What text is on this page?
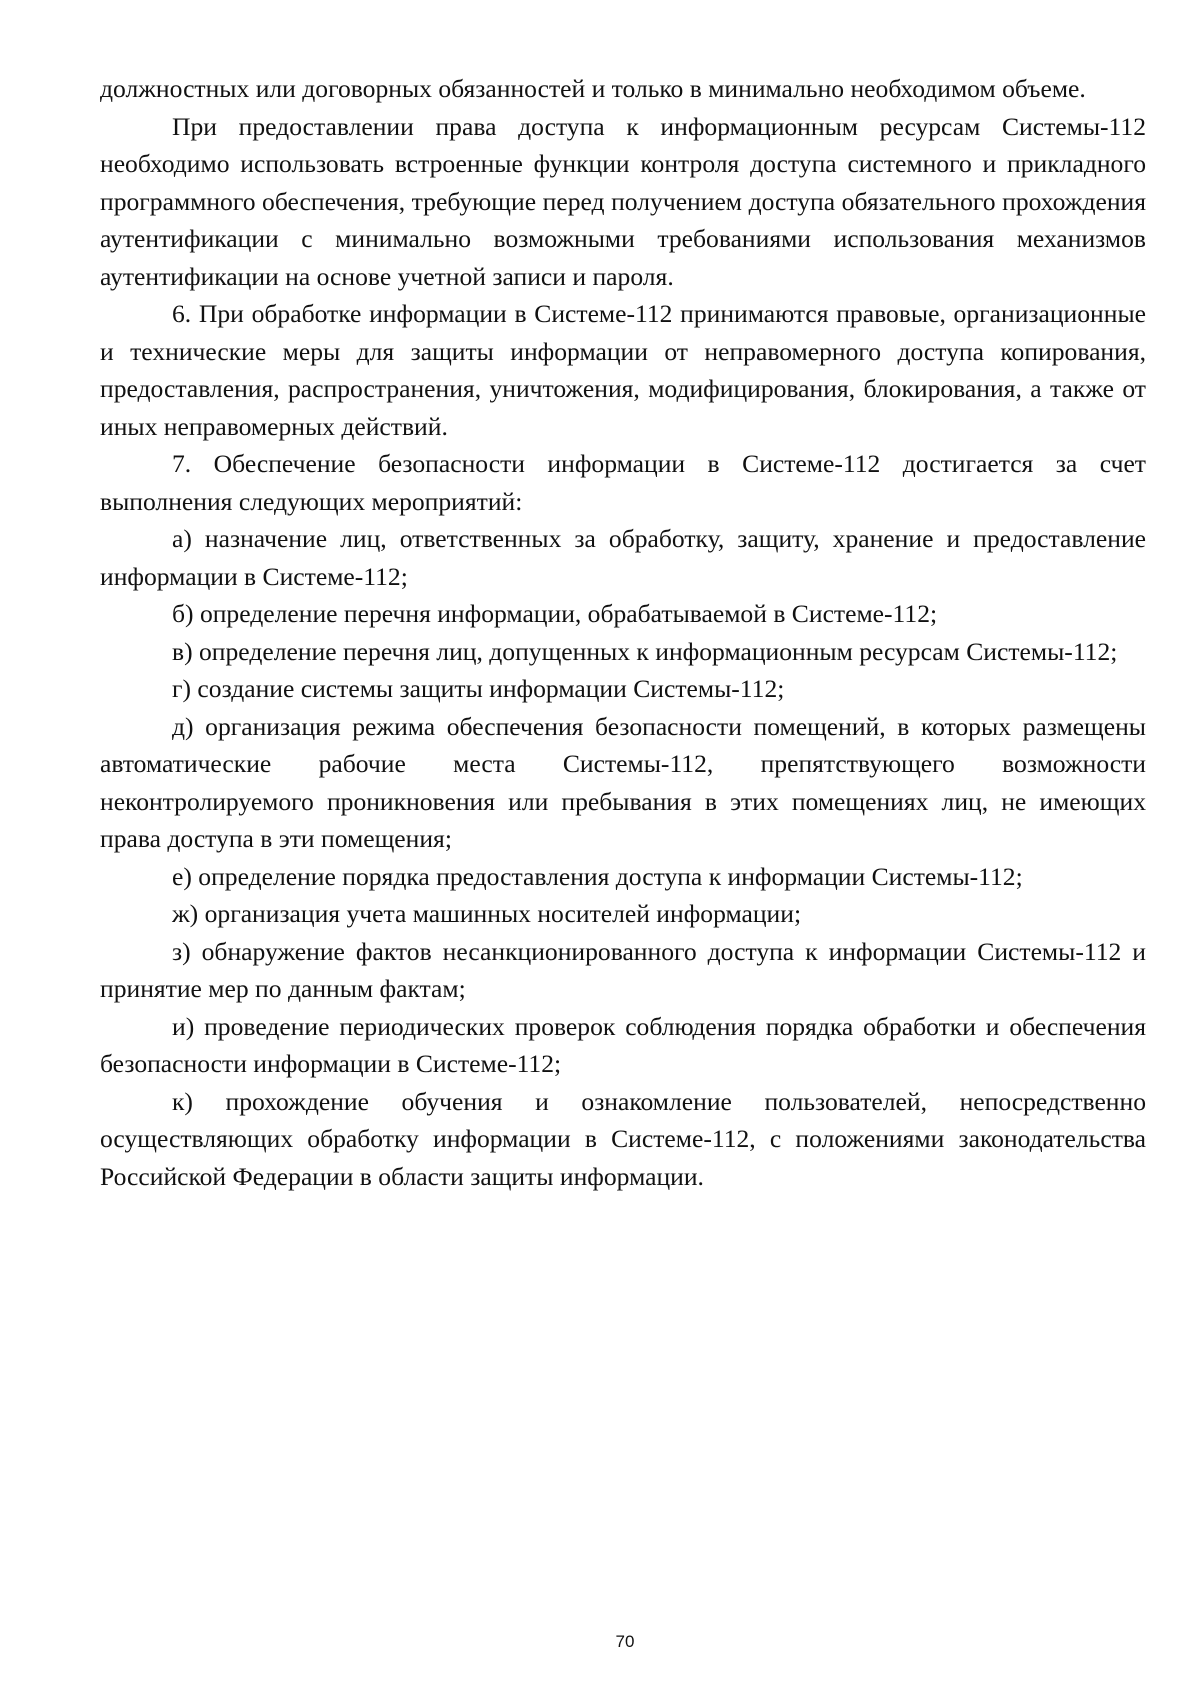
должностных или договорных обязанностей и только в минимально необходимом объеме.

При предоставлении права доступа к информационным ресурсам Системы-112 необходимо использовать встроенные функции контроля доступа системного и прикладного программного обеспечения, требующие перед получением доступа обязательного прохождения аутентификации с минимально возможными требованиями использования механизмов аутентификации на основе учетной записи и пароля.

6. При обработке информации в Системе-112 принимаются правовые, организационные и технические меры для защиты информации от неправомерного доступа копирования, предоставления, распространения, уничтожения, модифицирования, блокирования, а также от иных неправомерных действий.

7. Обеспечение безопасности информации в Системе-112 достигается за счет выполнения следующих мероприятий:

а) назначение лиц, ответственных за обработку, защиту, хранение и предоставление информации в Системе-112;

б) определение перечня информации, обрабатываемой в Системе-112;

в) определение перечня лиц, допущенных к информационным ресурсам Системы-112;

г) создание системы защиты информации Системы-112;

д) организация режима обеспечения безопасности помещений, в которых размещены автоматические рабочие места Системы-112, препятствующего возможности неконтролируемого проникновения или пребывания в этих помещениях лиц, не имеющих права доступа в эти помещения;

е) определение порядка предоставления доступа к информации Системы-112;

ж) организация учета машинных носителей информации;

з) обнаружение фактов несанкционированного доступа к информации Системы-112 и принятие мер по данным фактам;

и) проведение периодических проверок соблюдения порядка обработки и обеспечения безопасности информации в Системе-112;

к) прохождение обучения и ознакомление пользователей, непосредственно осуществляющих обработку информации в Системе-112, с положениями законодательства Российской Федерации в области защиты информации.

70
